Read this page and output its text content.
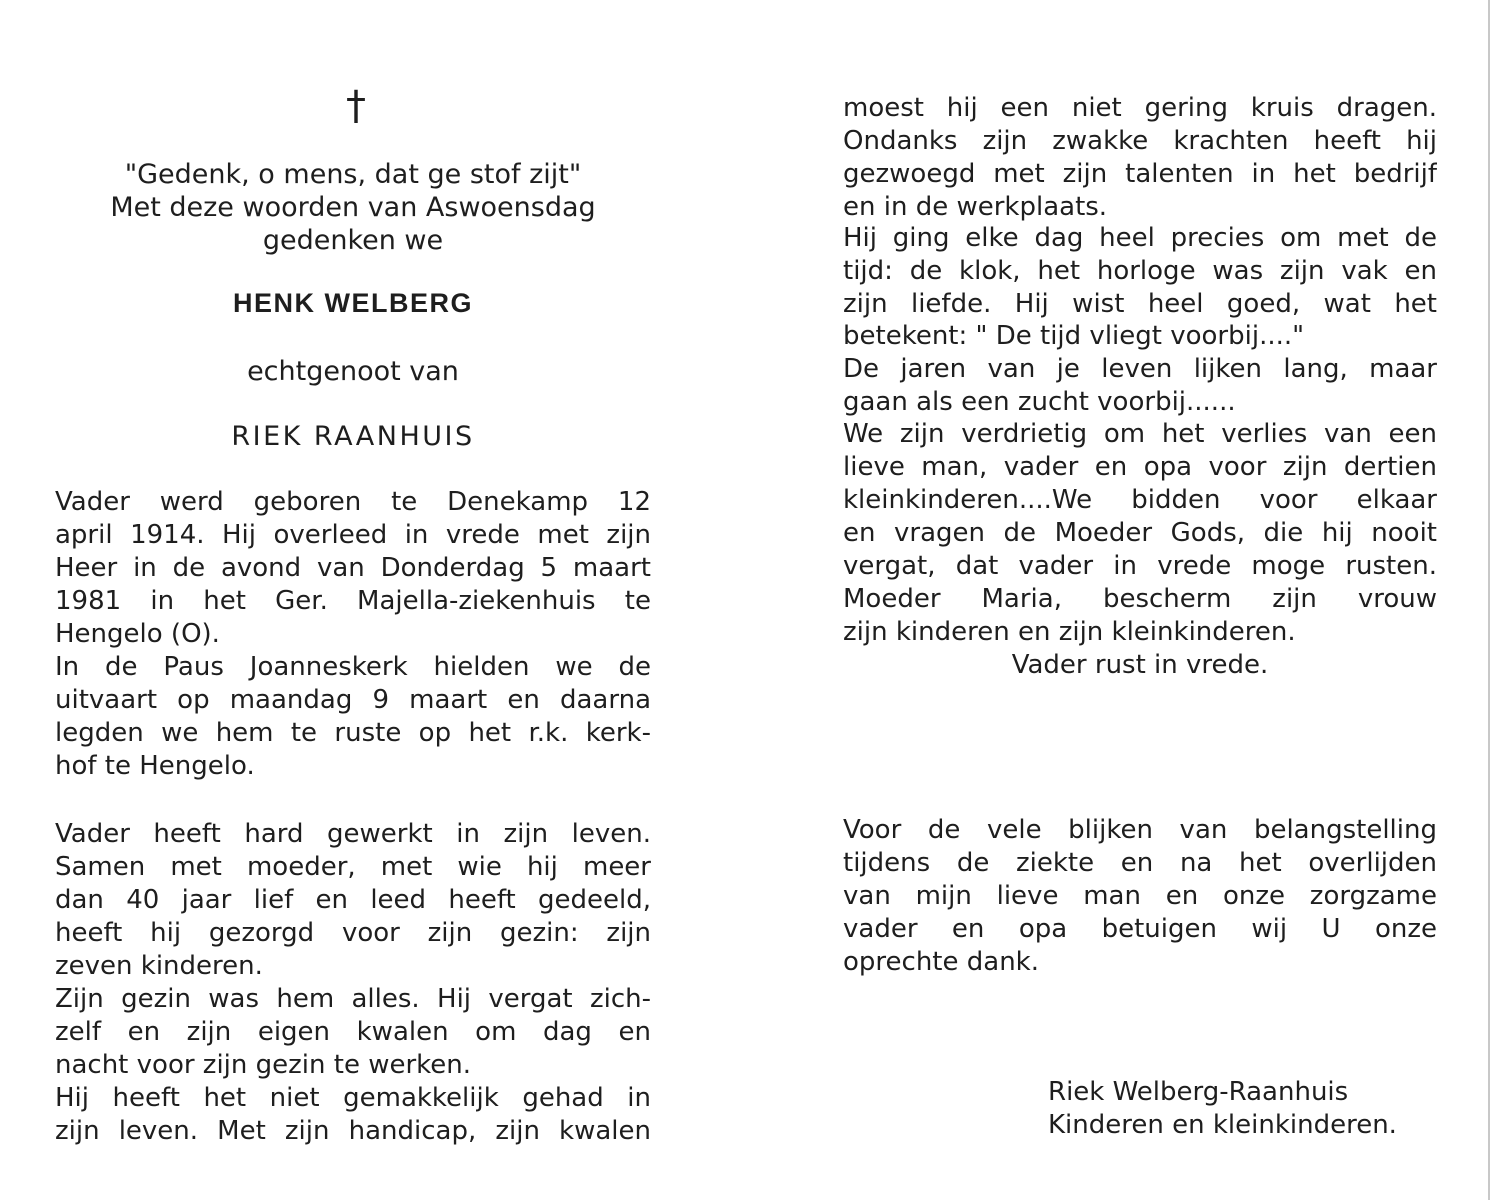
†
"Gedenk, o mens, dat ge stof zijt"
Met deze woorden van Aswoensdag
gedenken we
HENK WELBERG
echtgenoot van
RIEK RAANHUIS
Vader werd geboren te Denekamp 12
april 1914. Hij overleed in vrede met zijn
Heer in de avond van Donderdag 5 maart
1981 in het Ger. Majella-ziekenhuis te
Hengelo (O).
In de Paus Joanneskerk hielden we de
uitvaart op maandag 9 maart en daarna
legden we hem te ruste op het r.k. kerk-
hof te Hengelo.
Vader heeft hard gewerkt in zijn leven.
Samen met moeder, met wie hij meer
dan 40 jaar lief en leed heeft gedeeld,
heeft hij gezorgd voor zijn gezin: zijn
zeven kinderen.
Zijn gezin was hem alles. Hij vergat zich-
zelf en zijn eigen kwalen om dag en
nacht voor zijn gezin te werken.
Hij heeft het niet gemakkelijk gehad in
zijn leven. Met zijn handicap, zijn kwalen
moest hij een niet gering kruis dragen.
Ondanks zijn zwakke krachten heeft hij
gezwoegd met zijn talenten in het bedrijf
en in de werkplaats.
Hij ging elke dag heel precies om met de
tijd: de klok, het horloge was zijn vak en
zijn liefde. Hij wist heel goed, wat het
betekent: " De tijd vliegt voorbij...."
De jaren van je leven lijken lang, maar
gaan als een zucht voorbij......
We zijn verdrietig om het verlies van een
lieve man, vader en opa voor zijn dertien
kleinkinderen....We bidden voor elkaar
en vragen de Moeder Gods, die hij nooit
vergat, dat vader in vrede moge rusten.
Moeder Maria, bescherm zijn vrouw
zijn kinderen en zijn kleinkinderen.
Vader rust in vrede.
Voor de vele blijken van belangstelling
tijdens de ziekte en na het overlijden
van mijn lieve man en onze zorgzame
vader en opa betuigen wij U onze
oprechte dank.
Riek Welberg-Raanhuis
Kinderen en kleinkinderen.
